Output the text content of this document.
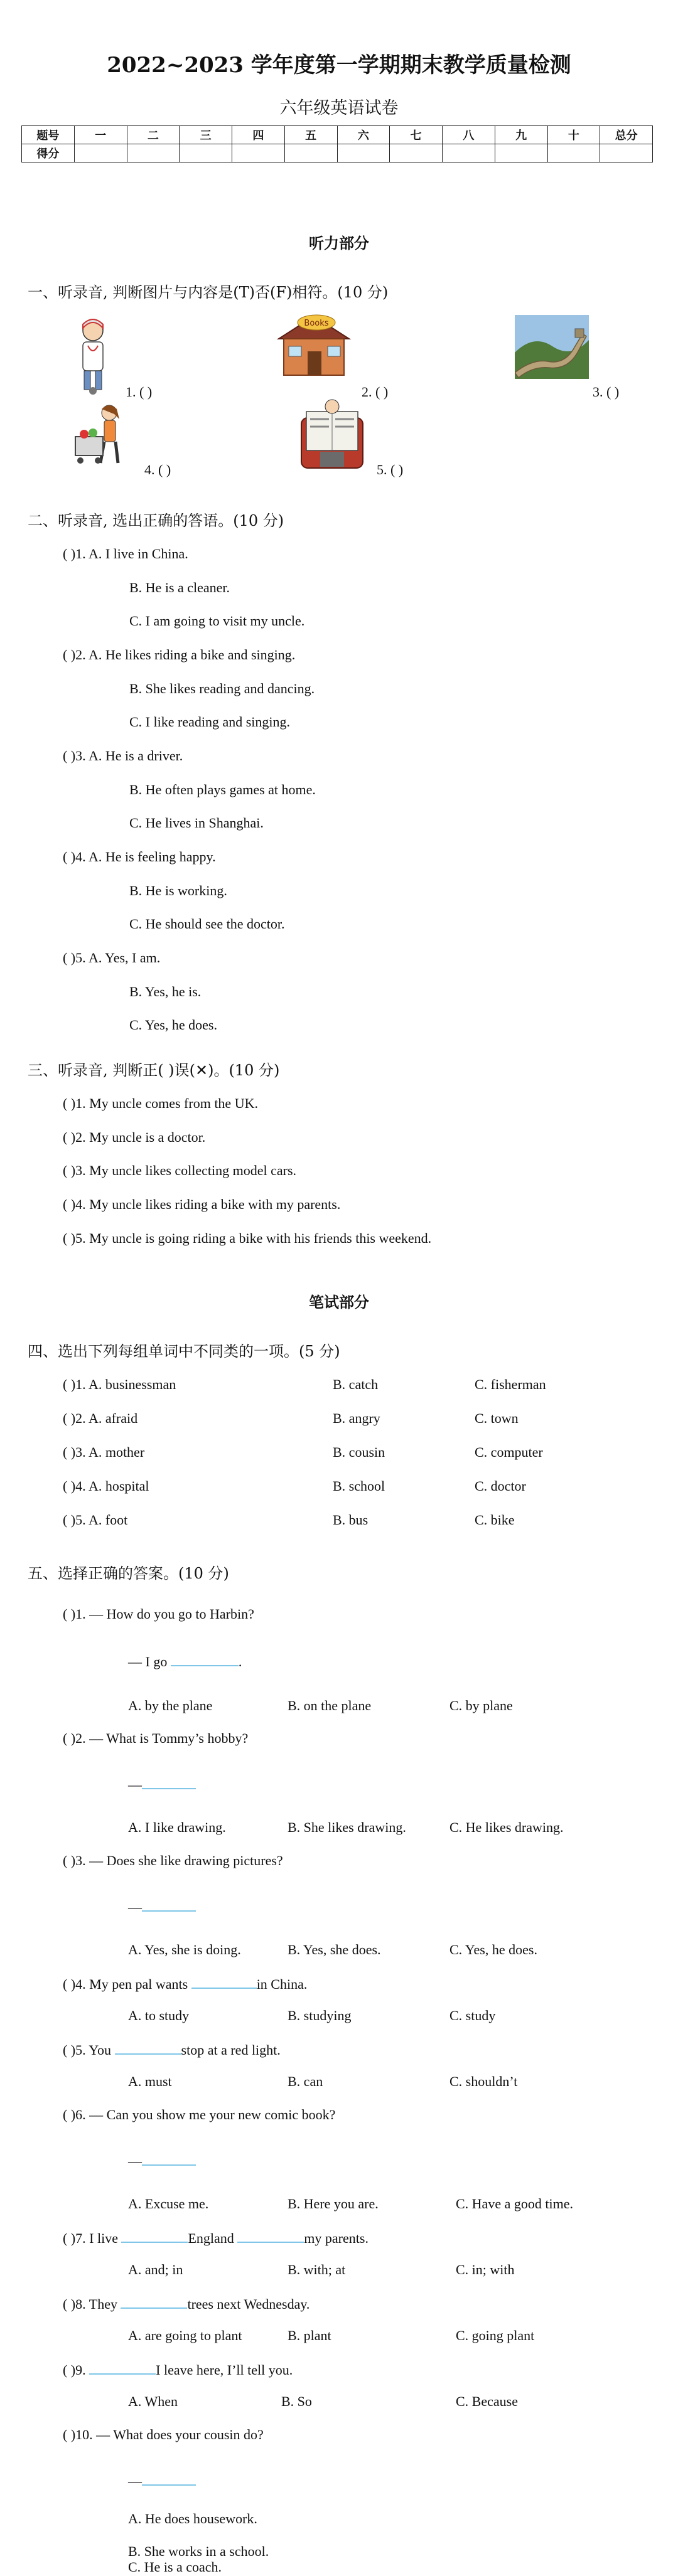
2022~2023 学年度第一学期期末教学质量检测
六年级英语试卷
题号	一	二	三	四	五	六	七	八	九	十	总分
得分											
听力部分
一、听录音, 判断图片与内容是(T)否(F)相符。(10 分)
1. ( )
Books
2. ( )	3. ( )
4. ( )	5. ( )
二、听录音, 选出正确的答语。(10 分)
( )1. A. I live in China.
B. He is a cleaner.
C. I am going to visit my uncle.
( )2. A. He likes riding a bike and singing.
B. She likes reading and dancing.
C. I like reading and singing.
( )3. A. He is a driver.
B. He often plays games at home.
C. He lives in Shanghai.
( )4. A. He is feeling happy.
B. He is working.
C. He should see the doctor.
( )5. A. Yes, I am.
B. Yes, he is.
C. Yes, he does.
三、听录音, 判断正( )误(✕)。(10 分)
( )1. My uncle comes from the UK.
( )2. My uncle is a doctor.
( )3. My uncle likes collecting model cars.
( )4. My uncle likes riding a bike with my parents.
( )5. My uncle is going riding a bike with his friends this weekend.
笔试部分
四、选出下列每组单词中不同类的一项。(5 分)
( )1. A. businessman	B. catch	C. fisherman
( )2. A. afraid	B. angry	C. town
( )3. A. mother	B. cousin	C. computer
( )4. A. hospital	B. school	C. doctor
( )5. A. foot	B. bus	C. bike
五、选择正确的答案。(10 分)
( )1. — How do you go to Harbin?
— I go	.
A. by the plane	B. on the plane	C. by plane
( )2. — What is Tommy’s hobby?
—
A. I like drawing.	B. She likes drawing.	C. He likes drawing.
( )3. — Does she like drawing pictures?
—
A. Yes, she is doing.	B. Yes, she does.	C. Yes, he does.
( )4. My pen pal wants	in China.
A. to study	B. studying	C. study
( )5. You	stop at a red light.
A. must	B. can	C. shouldn’t
( )6. — Can you show me your new comic book?
—
A. Excuse me.	B. Here you are.	C. Have a good time.
( )7. I live	England	my parents.
A. and; in	B. with; at	C. in; with
( )8. They	trees next Wednesday.
A. are going to plant	B. plant	C. going plant
( )9.	I leave here, I’ll tell you.
A. When	B. So	C. Because
( )10. — What does your cousin do?
—
A. He does housework.
B. She works in a school.
C. He is a coach.
